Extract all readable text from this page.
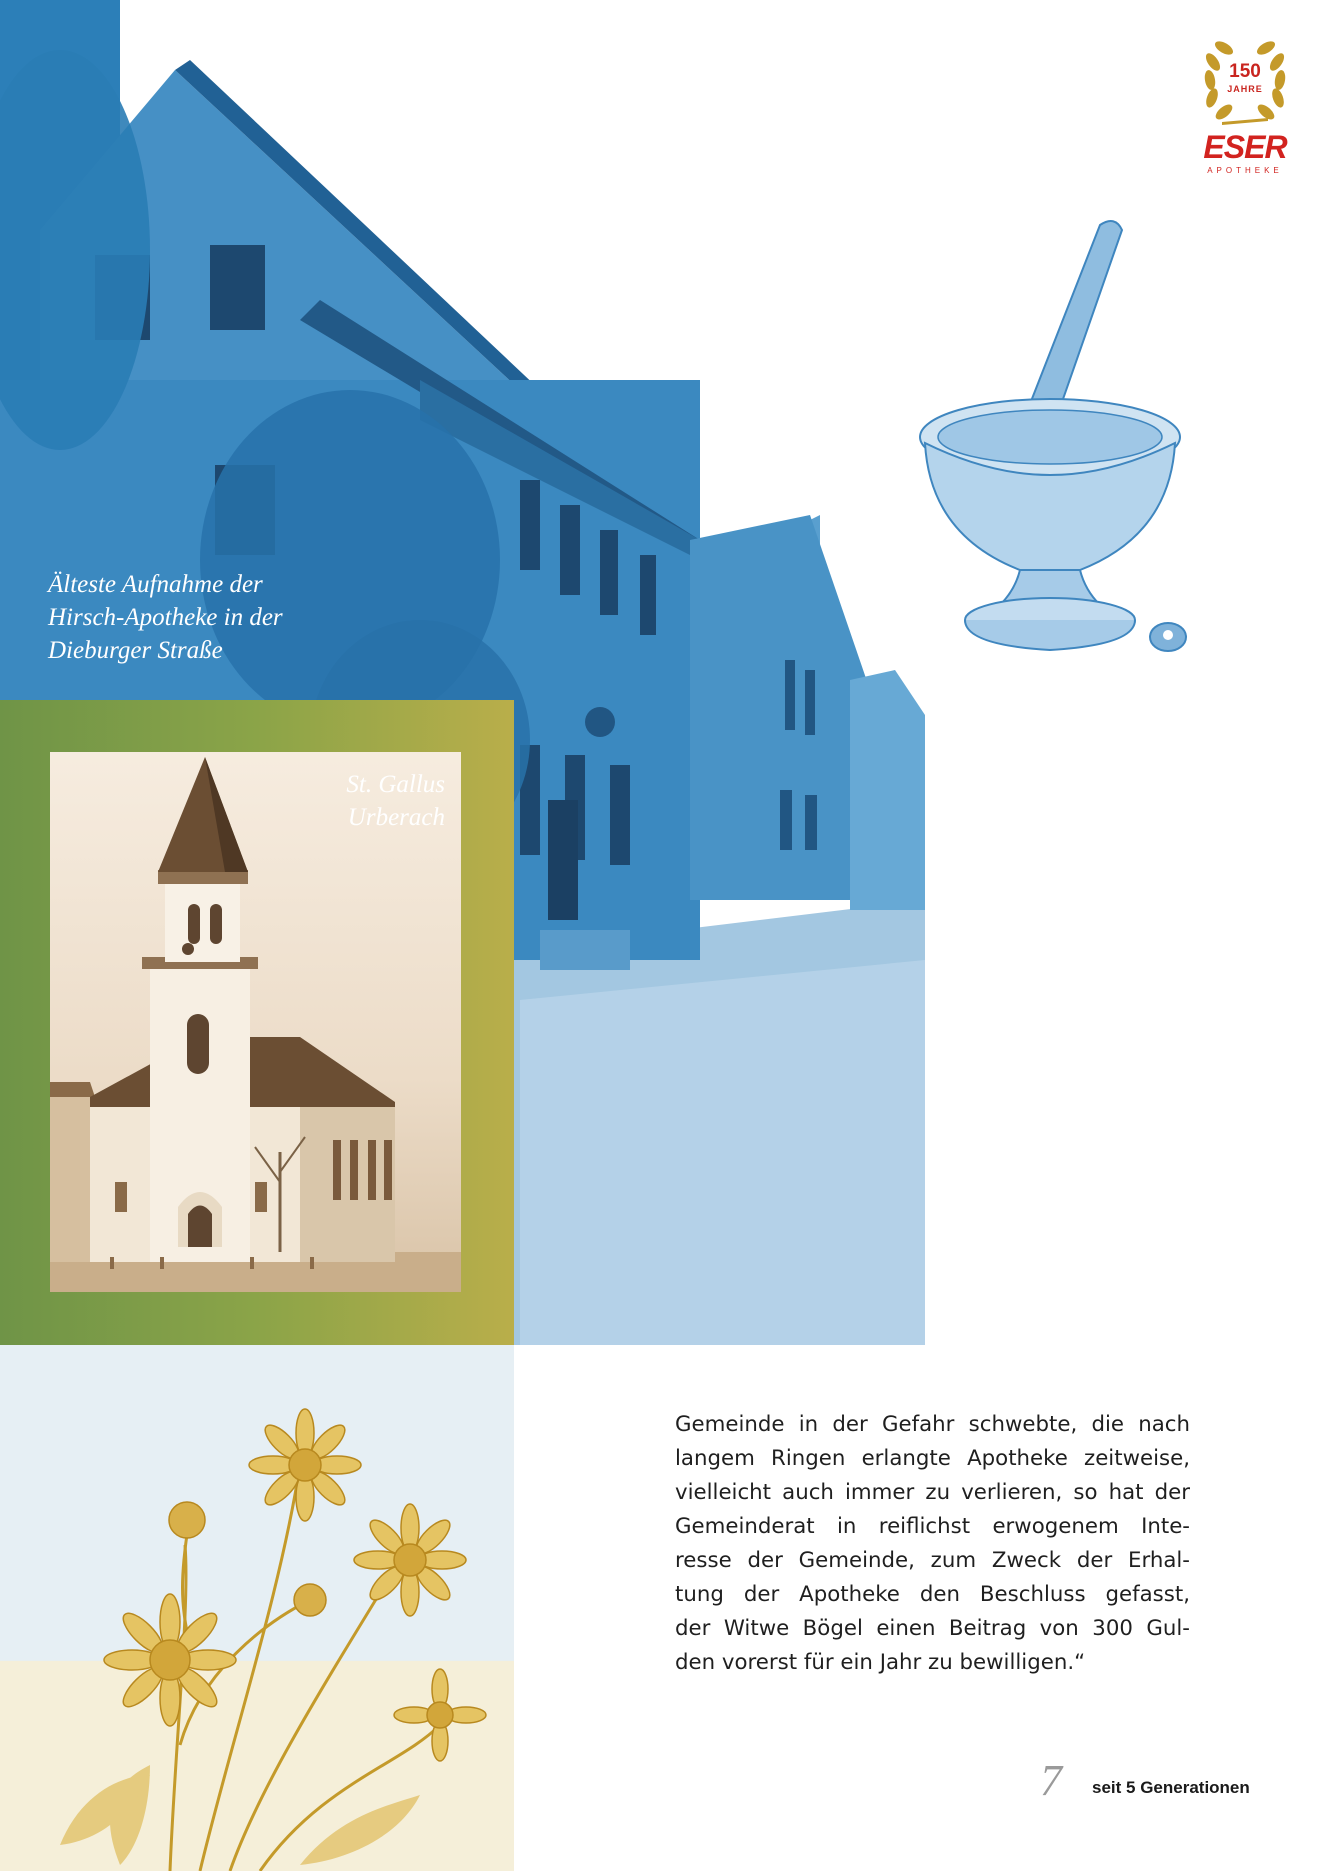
Älteste Aufnahme der
Hirsch-Apotheke in der
Dieburger Straße
St. Gallus
Urberach
150
JAHRE
ESER
APOTHEKE
Gemeinde in der Gefahr schwebte, die nach
langem Ringen erlangte Apotheke zeitweise,
vielleicht auch immer zu verlieren, so hat der
Gemeinderat in reiflichst erwogenem Inte-
resse der Gemeinde, zum Zweck der Erhal-
tung der Apotheke den Beschluss gefasst,
der Witwe Bögel einen Beitrag von 300 Gul-
den vorerst für ein Jahr zu bewilligen.“
7 seit 5 Generationen
